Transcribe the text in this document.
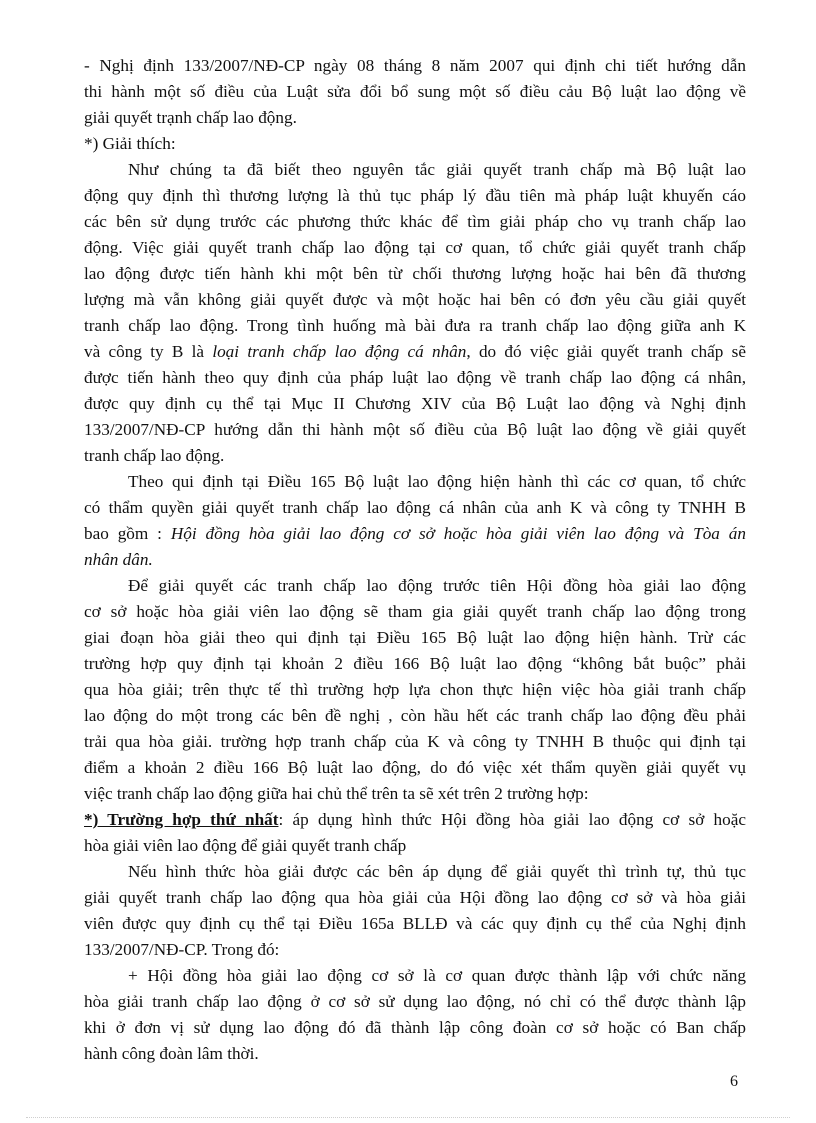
- Nghị định 133/2007/NĐ-CP ngày 08 tháng 8 năm 2007 qui định chi tiết hướng dẫn
thi hành một số điều của Luật sửa đổi bổ sung một số điều cảu Bộ luật lao động về
giải quyết trạnh chấp lao động.
*) Giải thích:
Như chúng ta đã biết theo nguyên tắc giải quyết tranh chấp mà Bộ luật lao
động quy định thì thương lượng là thủ tục pháp lý đầu tiên mà pháp luật khuyến cáo
các bên sử dụng trước các phương thức khác để tìm giải pháp cho vụ tranh chấp lao
động. Việc giải quyết tranh chấp lao động tại cơ quan, tổ chức giải quyết tranh chấp
lao động được tiến hành khi một bên từ chối thương lượng hoặc hai bên đã thương
lượng mà vẫn không giải quyết được và một hoặc hai bên có đơn yêu cầu giải quyết
tranh chấp lao động. Trong tình huống mà bài đưa ra tranh chấp lao động giữa anh K
và công ty B là loại tranh chấp lao động cá nhân, do đó việc giải quyết tranh chấp sẽ
được tiến hành theo quy định của pháp luật lao động về tranh chấp lao động cá nhân,
được quy định cụ thể tại Mục II Chương XIV của Bộ Luật lao động và Nghị định
133/2007/NĐ-CP hướng dẫn thi hành một số điều của Bộ luật lao động về giải quyết
tranh chấp lao động.
Theo qui định tại Điều 165 Bộ luật lao động hiện hành thì các cơ quan, tổ chức
có thẩm quyền giải quyết tranh chấp lao động cá nhân của anh K và công ty TNHH B
bao gồm : Hội đồng hòa giải lao động cơ sở hoặc hòa giải viên lao động và Tòa án
nhân dân.
Để giải quyết các tranh chấp lao động trước tiên Hội đồng hòa giải lao động
cơ sở hoặc hòa giải viên lao động sẽ tham gia giải quyết tranh chấp lao động trong
giai đoạn hòa giải theo qui định tại Điều 165 Bộ luật lao động hiện hành. Trừ các
trường hợp quy định tại khoản 2 điều 166 Bộ luật lao động “không bắt buộc” phải
qua hòa giải; trên thực tế thì trường hợp lựa chon thực hiện việc hòa giải tranh chấp
lao động do một trong các bên đề nghị , còn hầu hết các tranh chấp lao động đều phải
trải qua hòa giải. trường hợp tranh chấp của K và công ty TNHH B thuộc qui định tại
điểm a khoản 2 điều 166 Bộ luật lao động, do đó việc xét thẩm quyền giải quyết vụ
việc tranh chấp lao động giữa hai chủ thể trên ta sẽ xét trên 2 trường hợp:
*) Trường hợp thứ nhất: áp dụng hình thức Hội đồng hòa giải lao động cơ sở hoặc
hòa giải viên lao động để giải quyết tranh chấp
Nếu hình thức hòa giải được các bên áp dụng để giải quyết thì trình tự, thủ tục
giải quyết tranh chấp lao động qua hòa giải của Hội đồng lao động cơ sở và hòa giải
viên được quy định cụ thể tại Điều 165a BLLĐ và các quy định cụ thể của Nghị định
133/2007/NĐ-CP. Trong đó:
+ Hội đồng hòa giải lao động cơ sở là cơ quan được thành lập với chức năng
hòa giải tranh chấp lao động ở cơ sở sử dụng lao động, nó chỉ có thể được thành lập
khi ở đơn vị sử dụng lao động đó đã thành lập công đoàn cơ sở hoặc có Ban chấp
hành công đoàn lâm thời.
6
